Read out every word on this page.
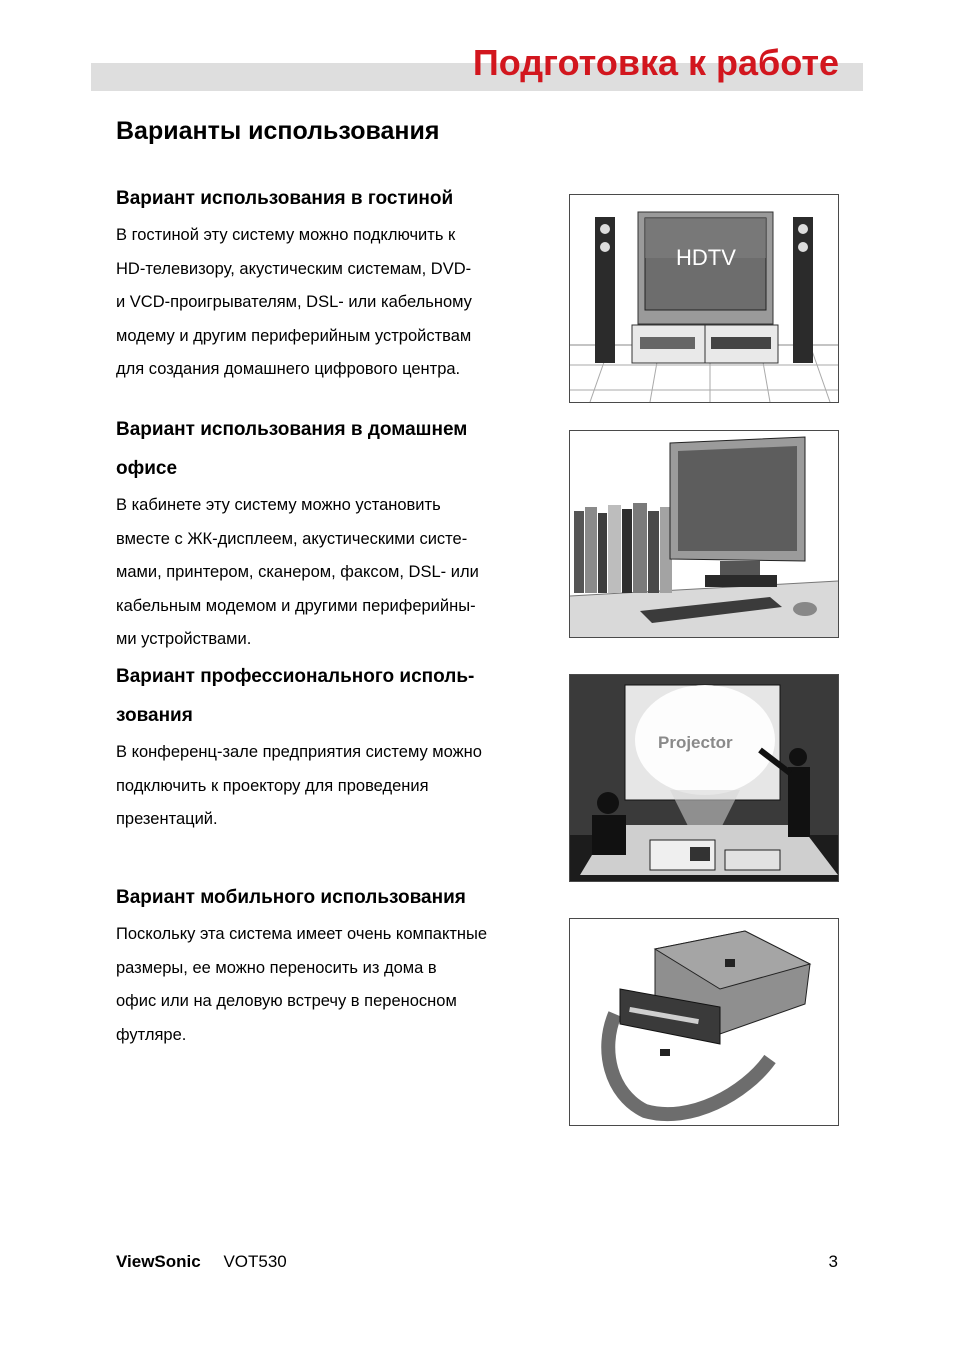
Подготовка к работе
Варианты использования
Вариант использования в гостиной
В гостиной эту систему можно подключить к
HD-телевизору, акустическим системам, DVD-
и VCD-проигрывателям, DSL- или кабельному
модему и другим периферийным устройствам
для создания домашнего цифрового центра.
Вариант использования в домашнем
офисе
В кабинете эту систему можно установить
вместе с ЖК-дисплеем, акустическими систе-
мами, принтером, сканером, факсом, DSL- или
кабельным модемом и другими периферийны-
ми устройствами.
Вариант профессионального исполь-
зования
В конференц-зале предприятия систему можно
подключить к проектору для проведения
презентаций.
Вариант мобильного использования
Поскольку эта система имеет очень компактные
размеры, ее можно переносить из дома в
офис или на деловую встречу в переносном
футляре.
HDTV
Projector
ViewSonic VOT530	3
